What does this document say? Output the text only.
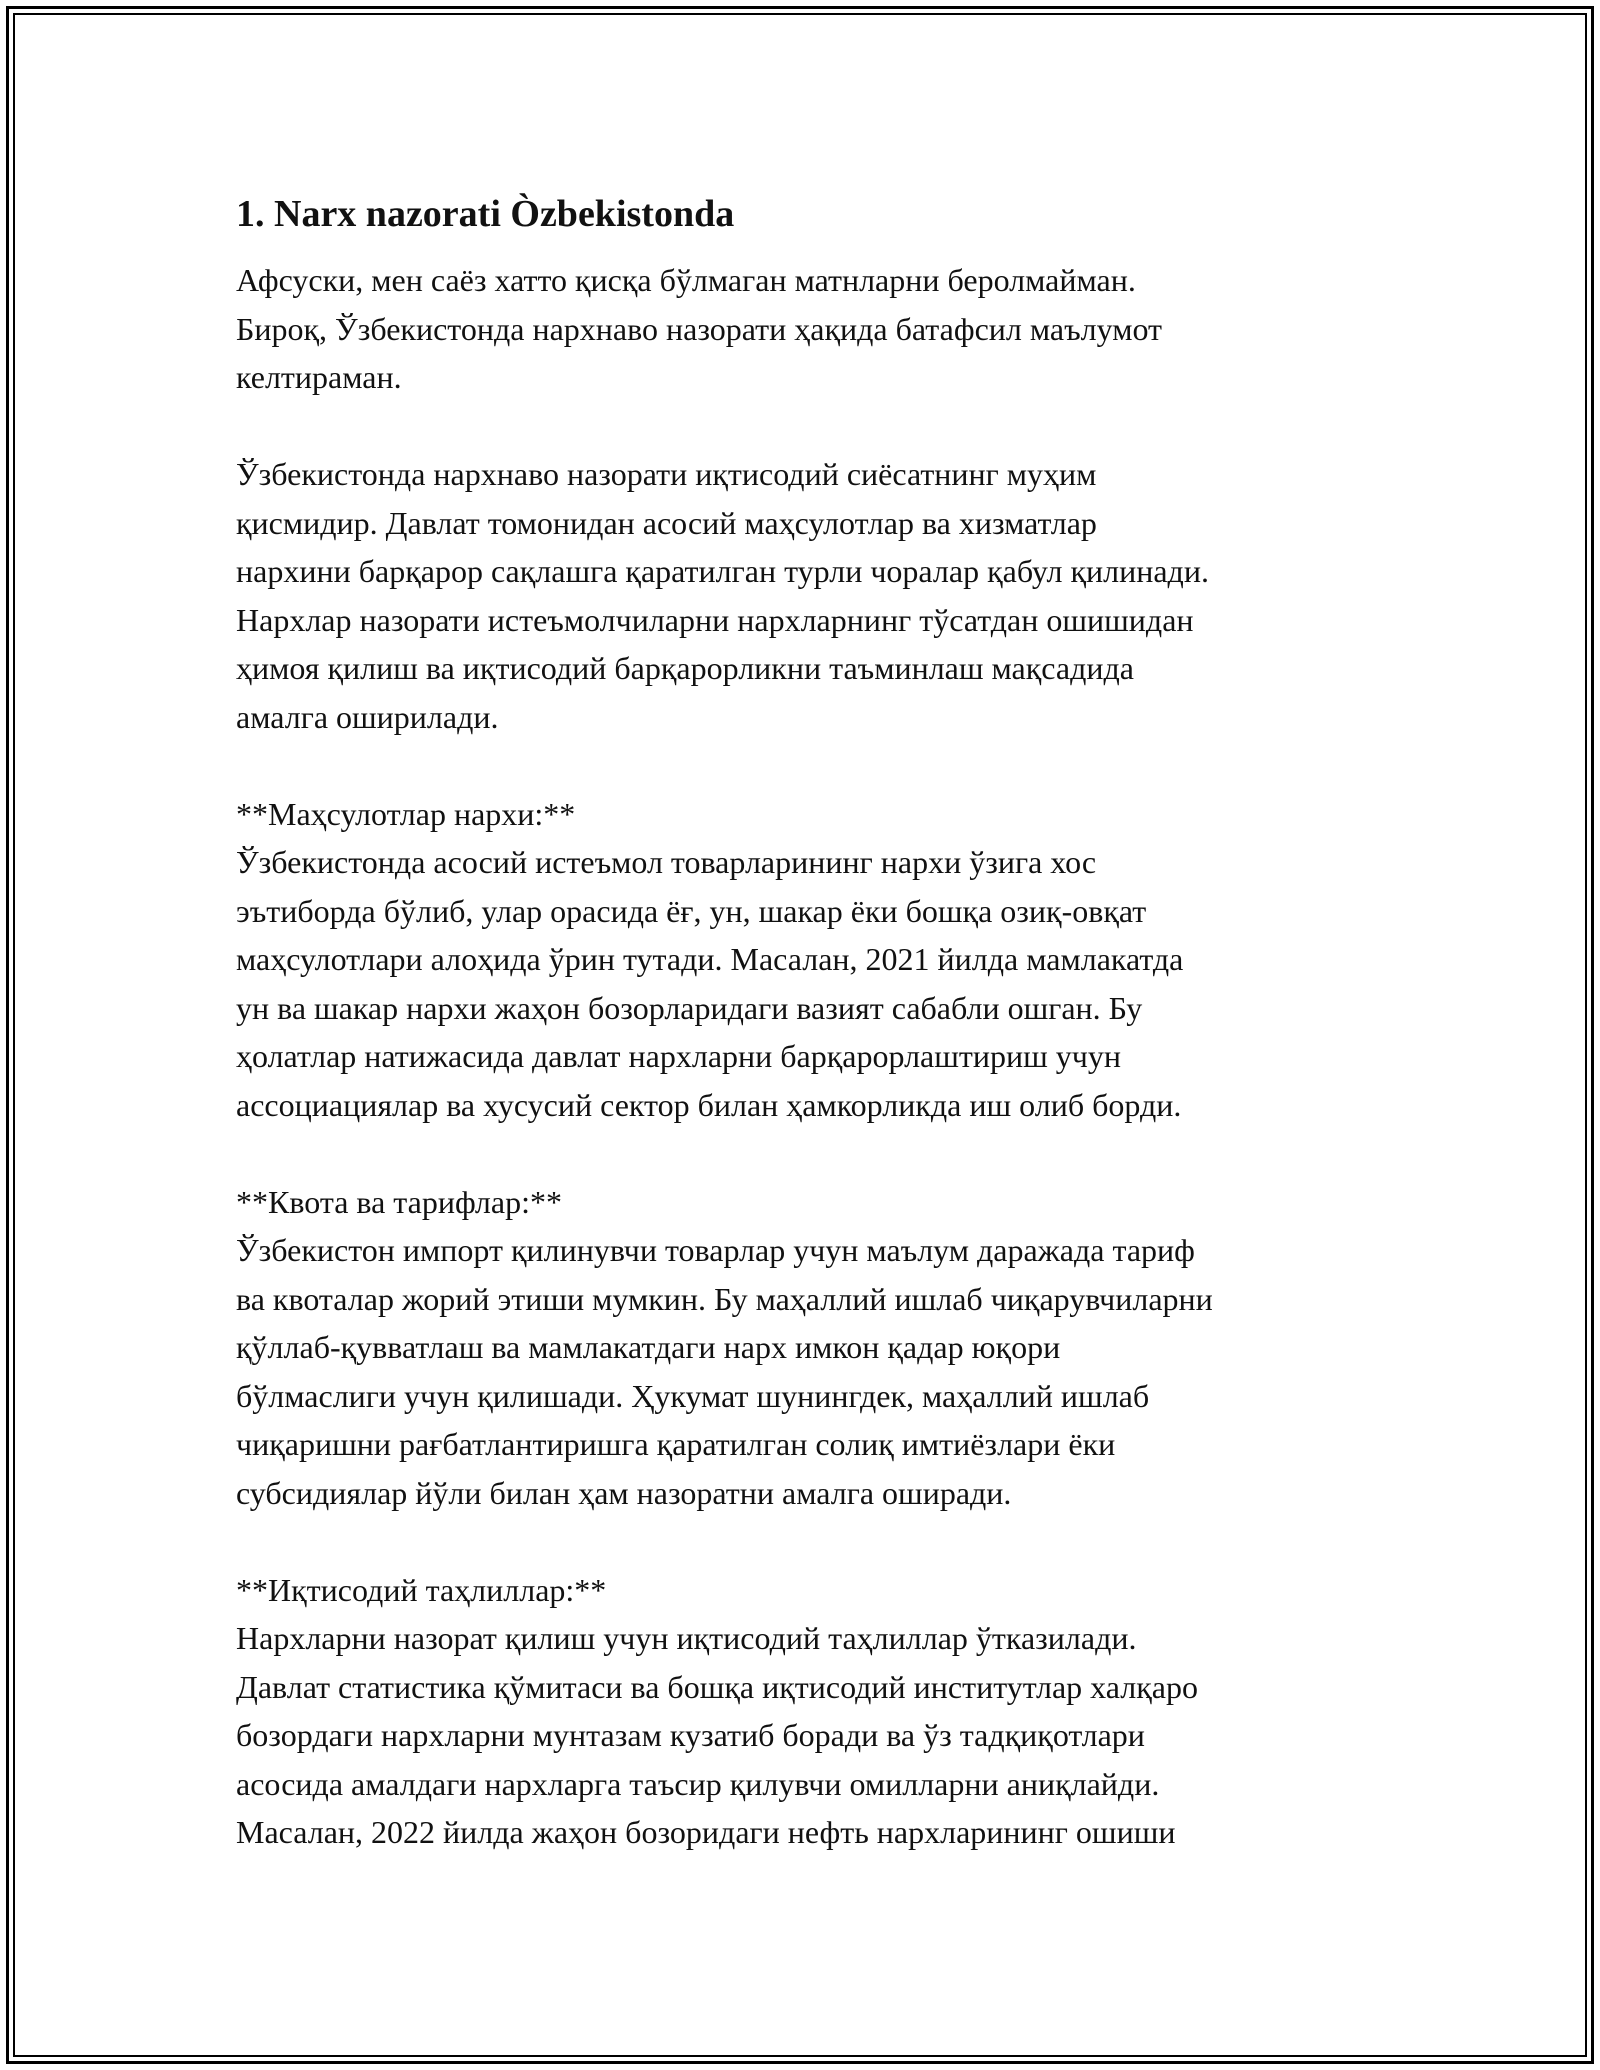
1. Narx nazorati Òzbekistonda
Афсуски, мен саёз хатто қисқа бўлмаган матнларни беролмайман.
Бироқ, Ўзбекистонда нархнаво назорати ҳақида батафсил маълумот
келтираман.
Ўзбекистонда нархнаво назорати иқтисодий сиёсатнинг муҳим
қисмидир. Давлат томонидан асосий маҳсулотлар ва хизматлар
нархини барқарор сақлашга қаратилган турли чоралар қабул қилинади.
Нархлар назорати истеъмолчиларни нархларнинг тўсатдан ошишидан
ҳимоя қилиш ва иқтисодий барқарорликни таъминлаш мақсадида
амалга оширилади.
**Маҳсулотлар нархи:**
Ўзбекистонда асосий истеъмол товарларининг нархи ўзига хос
эътиборда бўлиб, улар орасида ёғ, ун, шакар ёки бошқа озиқ-овқат
маҳсулотлари алоҳида ўрин тутади. Масалан, 2021 йилда мамлакатда
ун ва шакар нархи жаҳон бозорларидаги вазият сабабли ошган. Бу
ҳолатлар натижасида давлат нархларни барқарорлаштириш учун
ассоциациялар ва хусусий сектор билан ҳамкорликда иш олиб борди.
**Квота ва тарифлар:**
Ўзбекистон импорт қилинувчи товарлар учун маълум даражада тариф
ва квоталар жорий этиши мумкин. Бу маҳаллий ишлаб чиқарувчиларни
қўллаб-қувватлаш ва мамлакатдаги нарх имкон қадар юқори
бўлмаслиги учун қилишади. Ҳукумат шунингдек, маҳаллий ишлаб
чиқаришни рағбатлантиришга қаратилган солиқ имтиёзлари ёки
субсидиялар йўли билан ҳам назоратни амалга оширади.
**Иқтисодий таҳлиллар:**
Нархларни назорат қилиш учун иқтисодий таҳлиллар ўтказилади.
Давлат статистика қўмитаси ва бошқа иқтисодий институтлар халқаро
бозордаги нархларни мунтазам кузатиб боради ва ўз тадқиқотлари
асосида амалдаги нархларга таъсир қилувчи омилларни аниқлайди.
Масалан, 2022 йилда жаҳон бозоридаги нефть нархларининг ошиши
